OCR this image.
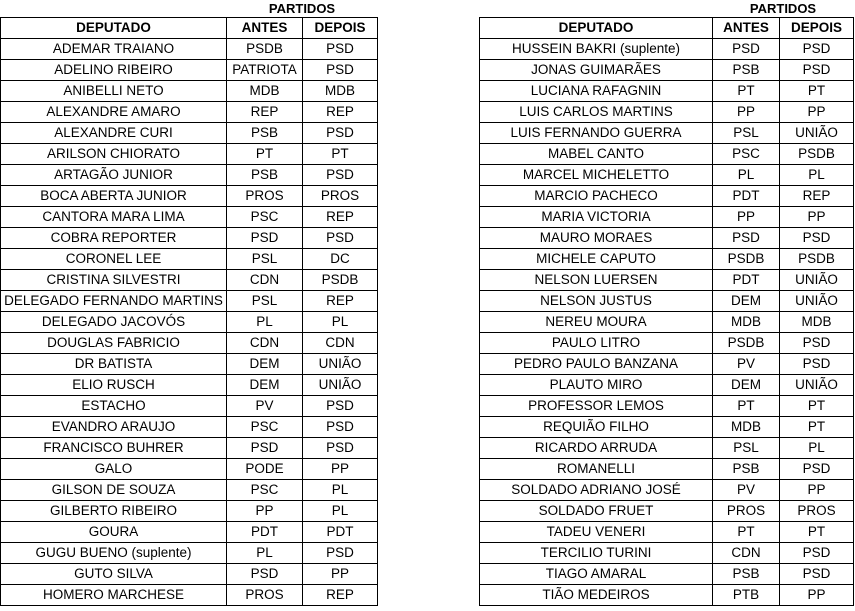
	PARTIDOS	
DEPUTADO	ANTES	DEPOIS
ADEMAR TRAIANO	PSDB	PSD
ADELINO RIBEIRO	PATRIOTA	PSD
ANIBELLI NETO	MDB	MDB
ALEXANDRE AMARO	REP	REP
ALEXANDRE CURI	PSB	PSD
ARILSON CHIORATO	PT	PT
ARTAGÃO JUNIOR	PSB	PSD
BOCA ABERTA JUNIOR	PROS	PROS
CANTORA MARA LIMA	PSC	REP
COBRA REPORTER	PSD	PSD
CORONEL LEE	PSL	DC
CRISTINA SILVESTRI	CDN	PSDB
DELEGADO FERNANDO MARTINS	PSL	REP
DELEGADO JACOVÓS	PL	PL
DOUGLAS FABRICIO	CDN	CDN
DR BATISTA	DEM	UNIÃO
ELIO RUSCH	DEM	UNIÃO
ESTACHO	PV	PSD
EVANDRO ARAUJO	PSC	PSD
FRANCISCO BUHRER	PSD	PSD
GALO	PODE	PP
GILSON DE SOUZA	PSC	PL
GILBERTO RIBEIRO	PP	PL
GOURA	PDT	PDT
GUGU BUENO (suplente)	PL	PSD
GUTO SILVA	PSD	PP
HOMERO MARCHESE	PROS	REP
	PARTIDOS	
DEPUTADO	ANTES	DEPOIS
HUSSEIN BAKRI (suplente)	PSD	PSD
JONAS GUIMARÃES	PSB	PSD
LUCIANA RAFAGNIN	PT	PT
LUIS CARLOS MARTINS	PP	PP
LUIS FERNANDO GUERRA	PSL	UNIÃO
MABEL CANTO	PSC	PSDB
MARCEL MICHELETTO	PL	PL
MARCIO PACHECO	PDT	REP
MARIA VICTORIA	PP	PP
MAURO MORAES	PSD	PSD
MICHELE CAPUTO	PSDB	PSDB
NELSON LUERSEN	PDT	UNIÃO
NELSON JUSTUS	DEM	UNIÃO
NEREU MOURA	MDB	MDB
PAULO LITRO	PSDB	PSD
PEDRO PAULO BANZANA	PV	PSD
PLAUTO MIRO	DEM	UNIÃO
PROFESSOR LEMOS	PT	PT
REQUIÃO FILHO	MDB	PT
RICARDO ARRUDA	PSL	PL
ROMANELLI	PSB	PSD
SOLDADO ADRIANO JOSÉ	PV	PP
SOLDADO FRUET	PROS	PROS
TADEU VENERI	PT	PT
TERCILIO TURINI	CDN	PSD
TIAGO AMARAL	PSB	PSD
TIÃO MEDEIROS	PTB	PP
